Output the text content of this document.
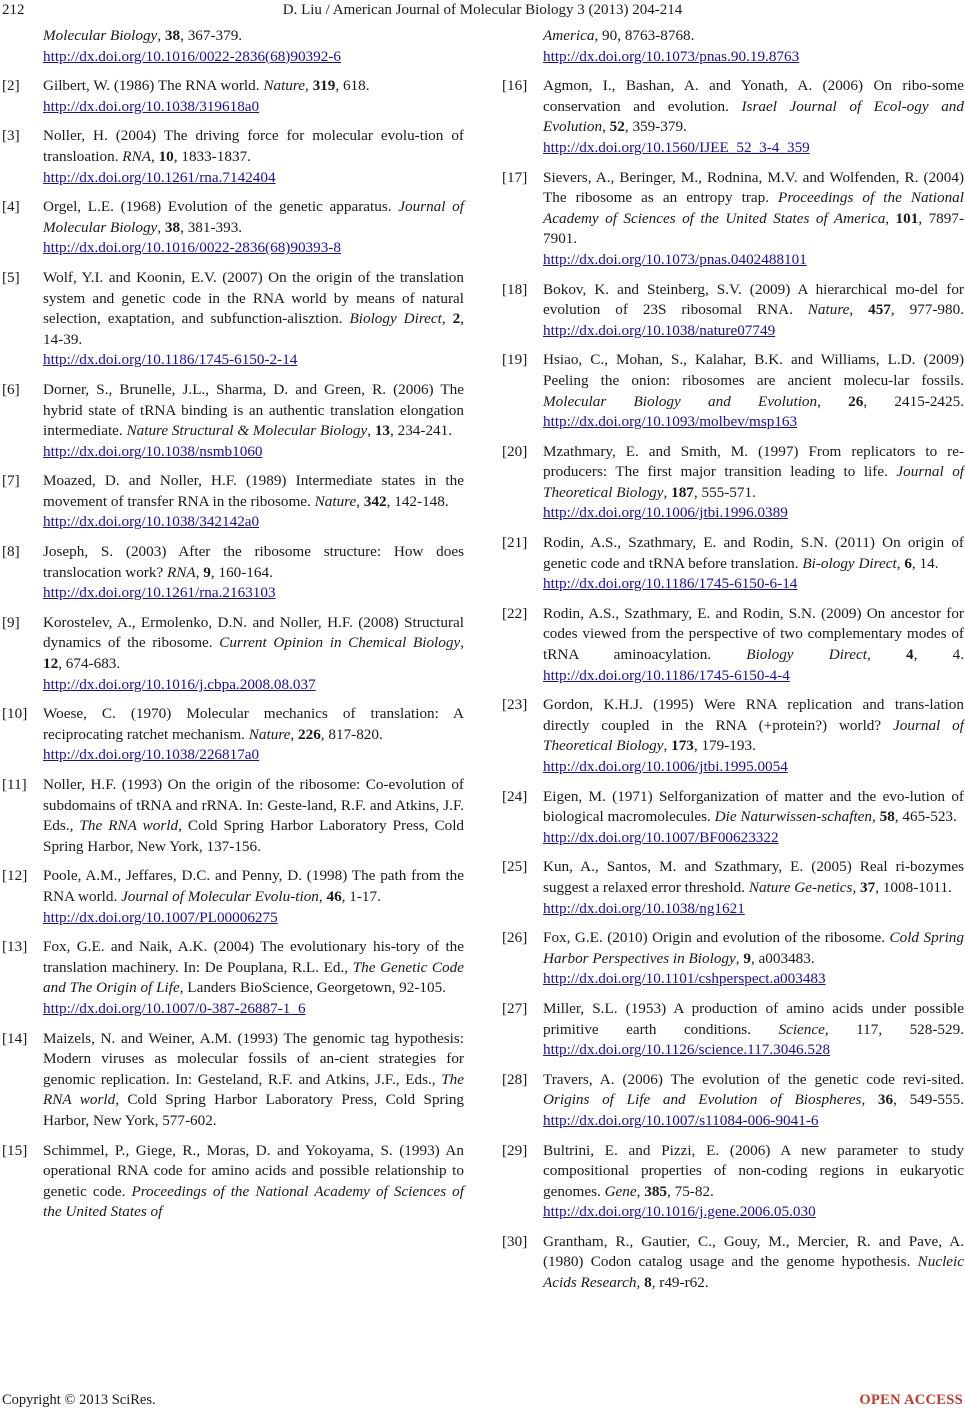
212	D. Liu / American Journal of Molecular Biology 3 (2013) 204-214
Molecular Biology, 38, 367-379.
http://dx.doi.org/10.1016/0022-2836(68)90392-6
[2] Gilbert, W. (1986) The RNA world. Nature, 319, 618.
http://dx.doi.org/10.1038/319618a0
[3] Noller, H. (2004) The driving force for molecular evolu-tion of transloation. RNA, 10, 1833-1837.
http://dx.doi.org/10.1261/rna.7142404
[4] Orgel, L.E. (1968) Evolution of the genetic apparatus. Journal of Molecular Biology, 38, 381-393.
http://dx.doi.org/10.1016/0022-2836(68)90393-8
[5] Wolf, Y.I. and Koonin, E.V. (2007) On the origin of the translation system and genetic code in the RNA world by means of natural selection, exaptation, and subfunction-alisztion. Biology Direct, 2, 14-39.
http://dx.doi.org/10.1186/1745-6150-2-14
[6] Dorner, S., Brunelle, J.L., Sharma, D. and Green, R. (2006) The hybrid state of tRNA binding is an authentic translation elongation intermediate. Nature Structural & Molecular Biology, 13, 234-241.
http://dx.doi.org/10.1038/nsmb1060
[7] Moazed, D. and Noller, H.F. (1989) Intermediate states in the movement of transfer RNA in the ribosome. Nature, 342, 142-148.
http://dx.doi.org/10.1038/342142a0
[8] Joseph, S. (2003) After the ribosome structure: How does translocation work? RNA, 9, 160-164.
http://dx.doi.org/10.1261/rna.2163103
[9] Korostelev, A., Ermolenko, D.N. and Noller, H.F. (2008) Structural dynamics of the ribosome. Current Opinion in Chemical Biology, 12, 674-683.
http://dx.doi.org/10.1016/j.cbpa.2008.08.037
[10] Woese, C. (1970) Molecular mechanics of translation: A reciprocating ratchet mechanism. Nature, 226, 817-820.
http://dx.doi.org/10.1038/226817a0
[11] Noller, H.F. (1993) On the origin of the ribosome: Co-evolution of subdomains of tRNA and rRNA. In: Geste-land, R.F. and Atkins, J.F. Eds., The RNA world, Cold Spring Harbor Laboratory Press, Cold Spring Harbor, New York, 137-156.
[12] Poole, A.M., Jeffares, D.C. and Penny, D. (1998) The path from the RNA world. Journal of Molecular Evolu-tion, 46, 1-17.
http://dx.doi.org/10.1007/PL00006275
[13] Fox, G.E. and Naik, A.K. (2004) The evolutionary his-tory of the translation machinery. In: De Pouplana, R.L. Ed., The Genetic Code and The Origin of Life, Landers BioScience, Georgetown, 92-105.
http://dx.doi.org/10.1007/0-387-26887-1_6
[14] Maizels, N. and Weiner, A.M. (1993) The genomic tag hypothesis: Modern viruses as molecular fossils of an-cient strategies for genomic replication. In: Gesteland, R.F. and Atkins, J.F., Eds., The RNA world, Cold Spring Harbor Laboratory Press, Cold Spring Harbor, New York, 577-602.
[15] Schimmel, P., Giege, R., Moras, D. and Yokoyama, S. (1993) An operational RNA code for amino acids and possible relationship to genetic code. Proceedings of the National Academy of Sciences of the United States of
America, 90, 8763-8768.
http://dx.doi.org/10.1073/pnas.90.19.8763
[16] Agmon, I., Bashan, A. and Yonath, A. (2006) On ribo-some conservation and evolution. Israel Journal of Ecol-ogy and Evolution, 52, 359-379.
http://dx.doi.org/10.1560/IJEE_52_3-4_359
[17] Sievers, A., Beringer, M., Rodnina, M.V. and Wolfenden, R. (2004) The ribosome as an entropy trap. Proceedings of the National Academy of Sciences of the United States of America, 101, 7897-7901.
http://dx.doi.org/10.1073/pnas.0402488101
[18] Bokov, K. and Steinberg, S.V. (2009) A hierarchical mo-del for evolution of 23S ribosomal RNA. Nature, 457, 977-980. http://dx.doi.org/10.1038/nature07749
[19] Hsiao, C., Mohan, S., Kalahar, B.K. and Williams, L.D. (2009) Peeling the onion: ribosomes are ancient molecu-lar fossils. Molecular Biology and Evolution, 26, 2415-2425. http://dx.doi.org/10.1093/molbev/msp163
[20] Mzathmary, E. and Smith, M. (1997) From replicators to re-producers: The first major transition leading to life. Journal of Theoretical Biology, 187, 555-571.
http://dx.doi.org/10.1006/jtbi.1996.0389
[21] Rodin, A.S., Szathmary, E. and Rodin, S.N. (2011) On origin of genetic code and tRNA before translation. Bi-ology Direct, 6, 14.
http://dx.doi.org/10.1186/1745-6150-6-14
[22] Rodin, A.S., Szathmary, E. and Rodin, S.N. (2009) On ancestor for codes viewed from the perspective of two complementary modes of tRNA aminoacylation. Biology Direct, 4, 4. http://dx.doi.org/10.1186/1745-6150-4-4
[23] Gordon, K.H.J. (1995) Were RNA replication and trans-lation directly coupled in the RNA (+protein?) world? Journal of Theoretical Biology, 173, 179-193.
http://dx.doi.org/10.1006/jtbi.1995.0054
[24] Eigen, M. (1971) Selforganization of matter and the evo-lution of biological macromolecules. Die Naturwissen-schaften, 58, 465-523.
http://dx.doi.org/10.1007/BF00623322
[25] Kun, A., Santos, M. and Szathmary, E. (2005) Real ri-bozymes suggest a relaxed error threshold. Nature Ge-netics, 37, 1008-1011.
http://dx.doi.org/10.1038/ng1621
[26] Fox, G.E. (2010) Origin and evolution of the ribosome. Cold Spring Harbor Perspectives in Biology, 9, a003483.
http://dx.doi.org/10.1101/cshperspect.a003483
[27] Miller, S.L. (1953) A production of amino acids under possible primitive earth conditions. Science, 117, 528-529. http://dx.doi.org/10.1126/science.117.3046.528
[28] Travers, A. (2006) The evolution of the genetic code revi-sited. Origins of Life and Evolution of Biospheres, 36, 549-555. http://dx.doi.org/10.1007/s11084-006-9041-6
[29] Bultrini, E. and Pizzi, E. (2006) A new parameter to study compositional properties of non-coding regions in eukaryotic genomes. Gene, 385, 75-82.
http://dx.doi.org/10.1016/j.gene.2006.05.030
[30] Grantham, R., Gautier, C., Gouy, M., Mercier, R. and Pave, A. (1980) Codon catalog usage and the genome hypothesis. Nucleic Acids Research, 8, r49-r62.
Copyright © 2013 SciRes.	OPEN ACCESS
